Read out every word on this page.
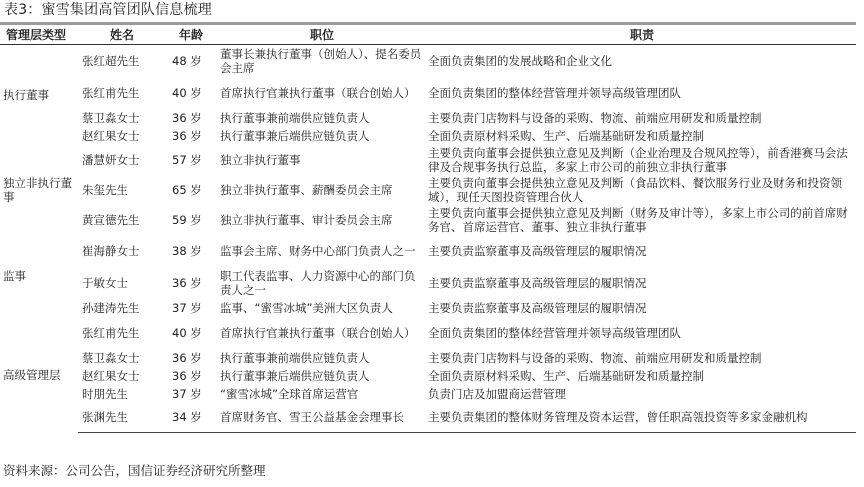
表3：蜜雪集团高管团队信息梳理
管理层类型	姓名	年龄	职位	职责
执行董事	张红超先生	48 岁	董事长兼执行董事（创始人）、提名委员会主席	全面负责集团的发展战略和企业文化
	张红甫先生	40 岁	首席执行官兼执行董事（联合创始人）	全面负责集团的整体经营管理并领导高级管理团队
	蔡卫淼女士	36 岁	执行董事兼前端供应链负责人	主要负责门店物料与设备的采购、物流、前端应用研发和质量控制
	赵红果女士	36 岁	执行董事兼后端供应链负责人	全面负责原材料采购、生产、后端基础研发和质量控制
独立非执行董事	潘慧妍女士	57 岁	独立非执行董事	主要负责向董事会提供独立意见及判断（企业治理及合规风控等），前香港赛马会法律及合规事务执行总监，多家上市公司的前独立非执行董事
	朱玺先生	65 岁	独立非执行董事、薪酬委员会主席	主要负责向董事会提供独立意见及判断（食品饮料、餐饮服务行业及财务和投资领域），现任天图投资管理合伙人
	黄宣德先生	59 岁	独立非执行董事、审计委员会主席	主要负责向董事会提供独立意见及判断（财务及审计等），多家上市公司的前首席财务官、首席运营官、董事、独立非执行董事
监事	崔海静女士	38 岁	监事会主席、财务中心部门负责人之一	主要负责监察董事及高级管理层的履职情况
	于敏女士	36 岁	职工代表监事、人力资源中心的部门负责人之一	主要负责监察董事及高级管理层的履职情况
	孙建涛先生	37 岁	监事、“蜜雪冰城”美洲大区负责人	主要负责监察董事及高级管理层的履职情况
高级管理层	张红甫先生	40 岁	首席执行官兼执行董事（联合创始人）	全面负责集团的整体经营管理并领导高级管理团队
	蔡卫淼女士	36 岁	执行董事兼前端供应链负责人	主要负责门店物料与设备的采购、物流、前端应用研发和质量控制
	赵红果女士	36 岁	执行董事兼后端供应链负责人	全面负责原材料采购、生产、后端基础研发和质量控制
	时朋先生	37 岁	“蜜雪冰城”全球首席运营官	负责门店及加盟商运营管理
	张渊先生	34 岁	首席财务官、雪王公益基金会理事长	主要负责集团的整体财务管理及资本运营，曾任职高瓴投资等多家金融机构
资料来源：公司公告，国信证券经济研究所整理
